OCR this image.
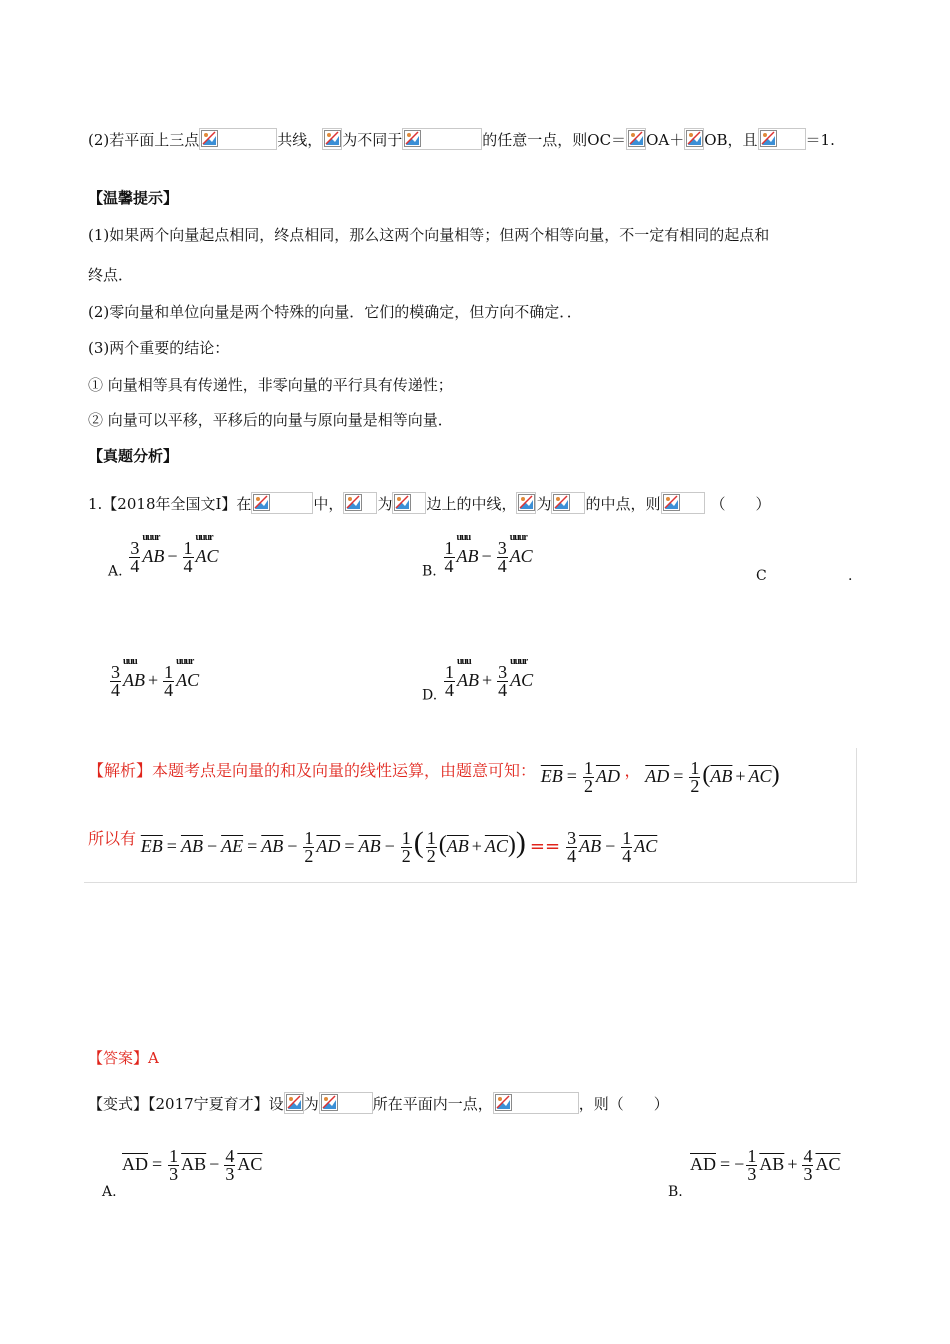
(2)若平面上三点	共线， 为不同于	的任意一点，则OC＝ OA＋ OB，且	＝1.
【温馨提示】
(1)如果两个向量起点相同，终点相同，那么这两个向量相等；但两个相等向量，不一定有相同的起点和
终点．
(2)零向量和单位向量是两个特殊的向量．它们的模确定，但方向不确定．．
(3)两个重要的结论：
① 向量相等具有传递性，非零向量的平行具有传递性；
② 向量可以平移，平移后的向量与原向量是相等向量．
【真题分析】
1.【2018年全国文Ⅰ】在	中， 为 边上的中线， 为 的中点，则	（　　）
A. $\frac{3}{4}$
uuur
AB − $\frac{1}{4}$
uuur
AC
B. $\frac{1}{4}$
uuu
AB − $\frac{3}{4}$
uuur
AC
C	.
$\frac{3}{4}$
uuu
AB + $\frac{1}{4}$
uuur
AC
D. $\frac{1}{4}$
uuu
AB + $\frac{3}{4}$
uuur
AC
【解析】本题考点是向量的和及向量的线性运算，由题意可知： $\overline{EB} = \frac{1}{2} \overline{AD}$ ， $\overline{AD} = \frac{1}{2} (\overline{AB} + \overline{AC})$
所以有 $\overline{EB} = \overline{AB} - \overline{AE} = \overline{AB} - \frac{1}{2} \overline{AD} = \overline{AB} - \frac{1}{2}$ ( $\frac{1}{2} (\overline{AB} + \overline{AC})) == \frac{3}{4} \overline{AB} - \frac{1}{4} \overline{AC}$
【答案】A
【变式】【2017宁夏育才】设 为	所在平面内一点，	，则（　　）
$\overline{AD} = \frac{1}{3} \overline{AB} - \frac{4}{3} \overline{AC}$
A.
$\overline{AD}$ = − $\frac{1}{3} \overline{AB} + \frac{4}{3} \overline{AC}$
B.
